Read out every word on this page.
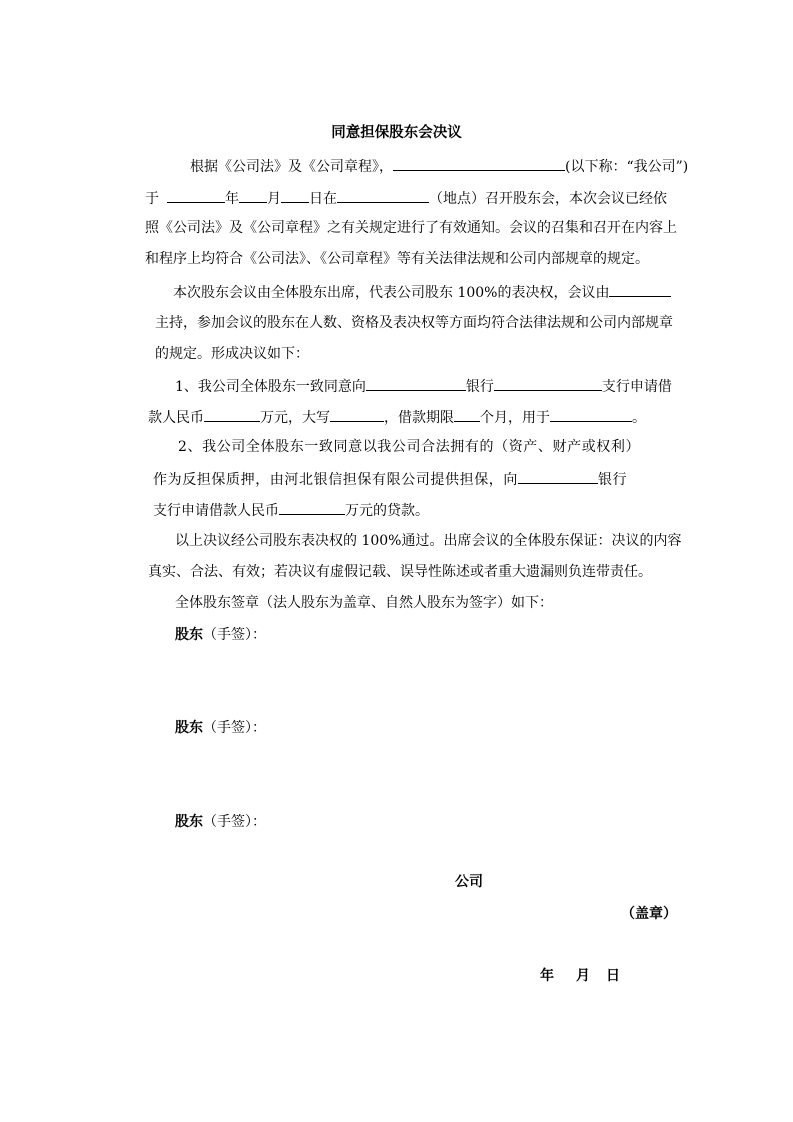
同意担保股东会决议
根据《公司法》及《公司章程》，	(以下称：“我公司”)
于	年 月 日在	（地点）召开股东会，本次会议已经依
照《公司法》及《公司章程》之有关规定进行了有效通知。会议的召集和召开在内容上
和程序上均符合《公司法》、《公司章程》等有关法律法规和公司内部规章的规定。
本次股东会议由全体股东出席，代表公司股东 100%的表决权，会议由
主持，参加会议的股东在人数、资格及表决权等方面均符合法律法规和公司内部规章
的规定。形成决议如下：
1、我公司全体股东一致同意向	银行	支行申请借
款人民币	万元，大写	，借款期限 个月，用于	。
2、我公司全体股东一致同意以我公司合法拥有的（资产、财产或权利）
作为反担保质押，由河北银信担保有限公司提供担保，向	银行
支行申请借款人民币	万元的贷款。
以上决议经公司股东表决权的 100%通过。出席会议的全体股东保证：决议的内容
真实、合法、有效；若决议有虚假记载、误导性陈述或者重大遗漏则负连带责任。
全体股东签章（法人股东为盖章、自然人股东为签字）如下：
股东（手签）：
股东（手签）：
股东（手签）：
公司
（盖章）
年 月 日
